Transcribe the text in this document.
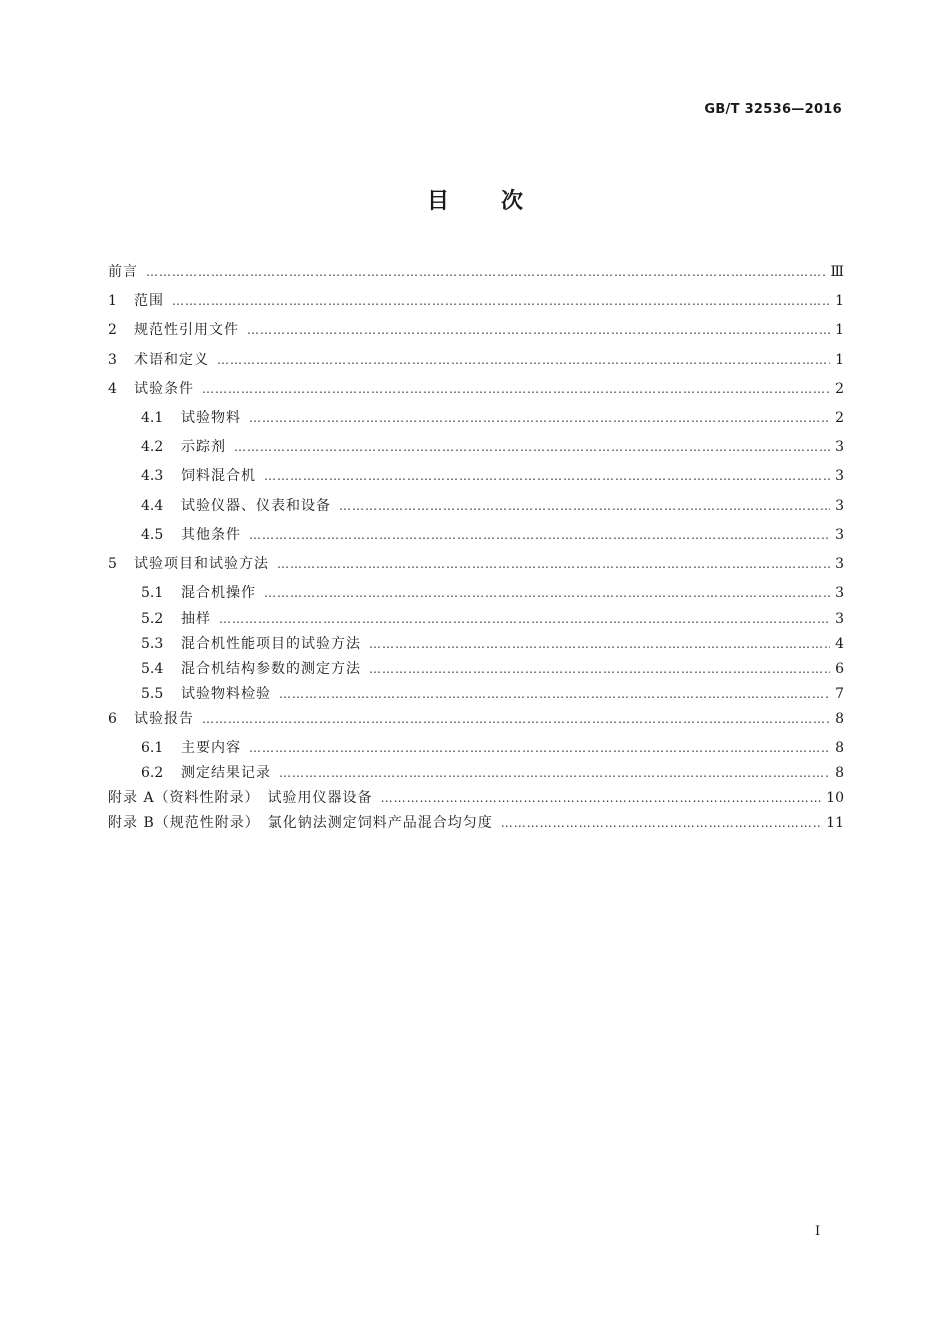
GB/T 32536—2016
目 次
前言 …………………………………………………………………………………………………………………………………………………………………………	Ⅲ
1	范围 …………………………………………………………………………………………………………………………………………………………………………	1
2	规范性引用文件 …………………………………………………………………………………………………………………………………………………………………………	1
3	术语和定义 …………………………………………………………………………………………………………………………………………………………………………	1
4	试验条件 …………………………………………………………………………………………………………………………………………………………………………	2
4.1	试验物料 …………………………………………………………………………………………………………………………………………………………………………	2
4.2	示踪剂 …………………………………………………………………………………………………………………………………………………………………………	3
4.3	饲料混合机 …………………………………………………………………………………………………………………………………………………………………………	3
4.4	试验仪器、仪表和设备 …………………………………………………………………………………………………………………………………………………………………………	3
4.5	其他条件 …………………………………………………………………………………………………………………………………………………………………………	3
5	试验项目和试验方法 …………………………………………………………………………………………………………………………………………………………………………	3
5.1	混合机操作 …………………………………………………………………………………………………………………………………………………………………………	3
5.2	抽样 …………………………………………………………………………………………………………………………………………………………………………	3
5.3	混合机性能项目的试验方法 …………………………………………………………………………………………………………………………………………………………………………	4
5.4	混合机结构参数的测定方法 …………………………………………………………………………………………………………………………………………………………………………	6
5.5	试验物料检验 …………………………………………………………………………………………………………………………………………………………………………	7
6	试验报告 …………………………………………………………………………………………………………………………………………………………………………	8
6.1	主要内容 …………………………………………………………………………………………………………………………………………………………………………	8
6.2	测定结果记录 …………………………………………………………………………………………………………………………………………………………………………	8
附录 A（资料性附录）　试验用仪器设备 …………………………………………………………………………………………………………………………………………………………………………	10
附录 B（规范性附录）　氯化钠法测定饲料产品混合均匀度 …………………………………………………………………………………………………………………………………………………………………………	11
Ⅰ
